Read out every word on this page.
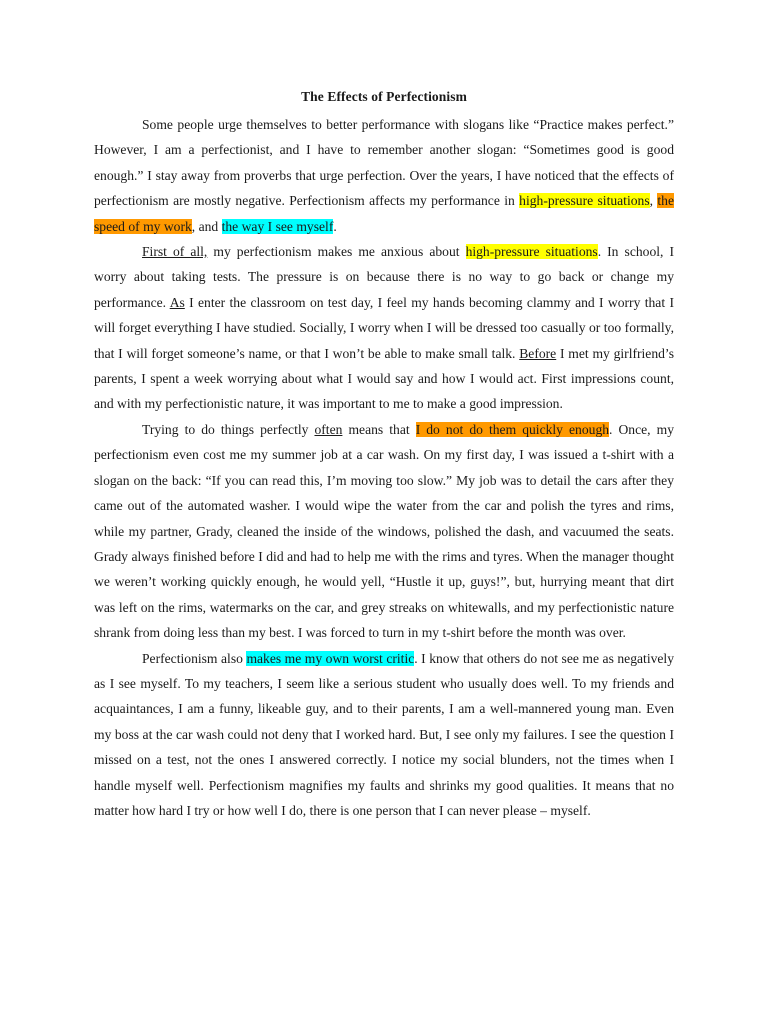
The Effects of Perfectionism

Some people urge themselves to better performance with slogans like “Practice makes perfect.” However, I am a perfectionist, and I have to remember another slogan: “Sometimes good is good enough.” I stay away from proverbs that urge perfection. Over the years, I have noticed that the effects of perfectionism are mostly negative. Perfectionism affects my performance in high-pressure situations, the speed of my work, and the way I see myself.

First of all, my perfectionism makes me anxious about high-pressure situations. In school, I worry about taking tests. The pressure is on because there is no way to go back or change my performance. As I enter the classroom on test day, I feel my hands becoming clammy and I worry that I will forget everything I have studied. Socially, I worry when I will be dressed too casually or too formally, that I will forget someone’s name, or that I won’t be able to make small talk. Before I met my girlfriend’s parents, I spent a week worrying about what I would say and how I would act. First impressions count, and with my perfectionistic nature, it was important to me to make a good impression.

Trying to do things perfectly often means that I do not do them quickly enough. Once, my perfectionism even cost me my summer job at a car wash. On my first day, I was issued a t-shirt with a slogan on the back: “If you can read this, I’m moving too slow.” My job was to detail the cars after they came out of the automated washer. I would wipe the water from the car and polish the tyres and rims, while my partner, Grady, cleaned the inside of the windows, polished the dash, and vacuumed the seats. Grady always finished before I did and had to help me with the rims and tyres. When the manager thought we weren’t working quickly enough, he would yell, “Hustle it up, guys!”, but, hurrying meant that dirt was left on the rims, watermarks on the car, and grey streaks on whitewalls, and my perfectionistic nature shrank from doing less than my best. I was forced to turn in my t-shirt before the month was over.

Perfectionism also makes me my own worst critic. I know that others do not see me as negatively as I see myself. To my teachers, I seem like a serious student who usually does well. To my friends and acquaintances, I am a funny, likeable guy, and to their parents, I am a well-mannered young man. Even my boss at the car wash could not deny that I worked hard. But, I see only my failures. I see the question I missed on a test, not the ones I answered correctly. I notice my social blunders, not the times when I handle myself well. Perfectionism magnifies my faults and shrinks my good qualities. It means that no matter how hard I try or how well I do, there is one person that I can never please – myself.
